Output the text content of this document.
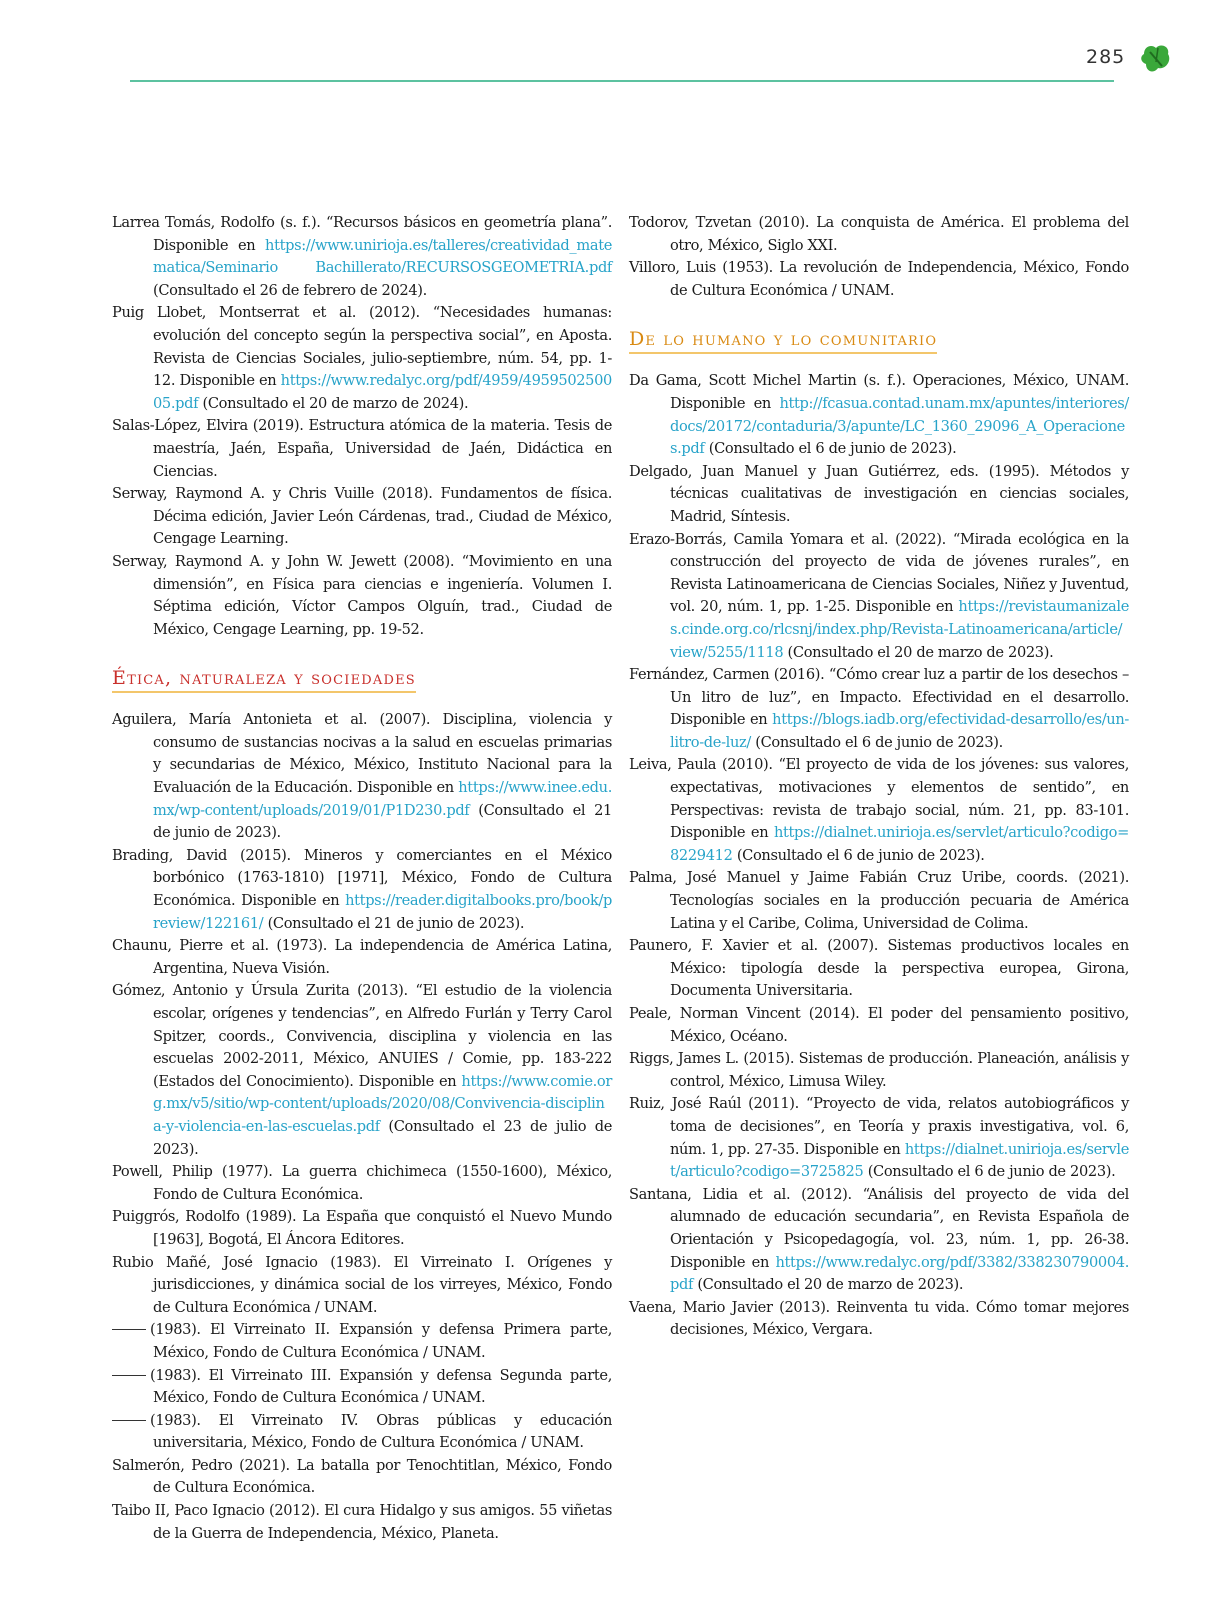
285

Larrea Tomás, Rodolfo (s. f.). “Recursos básicos en geometría plana”. Disponible en https://www.unirioja.es/talleres/creatividad_matematica/Seminario Bachillerato/RECURSOSGEOMETRIA.pdf (Consultado el 26 de febrero de 2024).

Puig Llobet, Montserrat et al. (2012). “Necesidades humanas: evolución del concepto según la perspectiva social”, en Aposta. Revista de Ciencias Sociales, julio-septiembre, núm. 54, pp. 1-12. Disponible en https://www.redalyc.org/pdf/4959/495950250005.pdf (Consultado el 20 de marzo de 2024).

Salas-López, Elvira (2019). Estructura atómica de la materia. Tesis de maestría, Jaén, España, Universidad de Jaén, Didáctica en Ciencias.

Serway, Raymond A. y Chris Vuille (2018). Fundamentos de física. Décima edición, Javier León Cárdenas, trad., Ciudad de México, Cengage Learning.

Serway, Raymond A. y John W. Jewett (2008). “Movimiento en una dimensión”, en Física para ciencias e ingeniería. Volumen I. Séptima edición, Víctor Campos Olguín, trad., Ciudad de México, Cengage Learning, pp. 19-52.

Ética, naturaleza y sociedades

Aguilera, María Antonieta et al. (2007). Disciplina, violencia y consumo de sustancias nocivas a la salud en escuelas primarias y secundarias de México, México, Instituto Nacional para la Evaluación de la Educación. Disponible en https://www.inee.edu.mx/wp-content/uploads/2019/01/P1D230.pdf (Consultado el 21 de junio de 2023).

Brading, David (2015). Mineros y comerciantes en el México borbónico (1763-1810) [1971], México, Fondo de Cultura Económica. Disponible en https://reader.digitalbooks.pro/book/preview/122161/ (Consultado el 21 de junio de 2023).

Chaunu, Pierre et al. (1973). La independencia de América Latina, Argentina, Nueva Visión.

Gómez, Antonio y Úrsula Zurita (2013). “El estudio de la violencia escolar, orígenes y tendencias”, en Alfredo Furlán y Terry Carol Spitzer, coords., Convivencia, disciplina y violencia en las escuelas 2002-2011, México, ANUIES / Comie, pp. 183-222 (Estados del Conocimiento). Disponible en https://www.comie.org.mx/v5/sitio/wp-content/uploads/2020/08/Convivencia-disciplina-y-violencia-en-las-escuelas.pdf (Consultado el 23 de julio de 2023).

Powell, Philip (1977). La guerra chichimeca (1550-1600), México, Fondo de Cultura Económica.

Puiggrós, Rodolfo (1989). La España que conquistó el Nuevo Mundo [1963], Bogotá, El Áncora Editores.

Rubio Mañé, José Ignacio (1983). El Virreinato I. Orígenes y jurisdicciones, y dinámica social de los virreyes, México, Fondo de Cultura Económica / UNAM.

(1983). El Virreinato II. Expansión y defensa Primera parte, México, Fondo de Cultura Económica / UNAM.

(1983). El Virreinato III. Expansión y defensa Segunda parte, México, Fondo de Cultura Económica / UNAM.

(1983). El Virreinato IV. Obras públicas y educación universitaria, México, Fondo de Cultura Económica / UNAM.

Salmerón, Pedro (2021). La batalla por Tenochtitlan, México, Fondo de Cultura Económica.

Taibo II, Paco Ignacio (2012). El cura Hidalgo y sus amigos. 55 viñetas de la Guerra de Independencia, México, Planeta.

Todorov, Tzvetan (2010). La conquista de América. El problema del otro, México, Siglo XXI.

Villoro, Luis (1953). La revolución de Independencia, México, Fondo de Cultura Económica / UNAM.

De lo humano y lo comunitario

Da Gama, Scott Michel Martin (s. f.). Operaciones, México, UNAM. Disponible en http://fcasua.contad.unam.mx/apuntes/interiores/docs/20172/contaduria/3/apunte/LC_1360_29096_A_Operaciones.pdf (Consultado el 6 de junio de 2023).

Delgado, Juan Manuel y Juan Gutiérrez, eds. (1995). Métodos y técnicas cualitativas de investigación en ciencias sociales, Madrid, Síntesis.

Erazo-Borrás, Camila Yomara et al. (2022). “Mirada ecológica en la construcción del proyecto de vida de jóvenes rurales”, en Revista Latinoamericana de Ciencias Sociales, Niñez y Juventud, vol. 20, núm. 1, pp. 1-25. Disponible en https://revistaumanizales.cinde.org.co/rlcsnj/index.php/Revista-Latinoamericana/article/view/5255/1118 (Consultado el 20 de marzo de 2023).

Fernández, Carmen (2016). “Cómo crear luz a partir de los desechos – Un litro de luz”, en Impacto. Efectividad en el desarrollo. Disponible en https://blogs.iadb.org/efectividad-desarrollo/es/un-litro-de-luz/ (Consultado el 6 de junio de 2023).

Leiva, Paula (2010). “El proyecto de vida de los jóvenes: sus valores, expectativas, motivaciones y elementos de sentido”, en Perspectivas: revista de trabajo social, núm. 21, pp. 83-101. Disponible en https://dialnet.unirioja.es/servlet/articulo?codigo=8229412 (Consultado el 6 de junio de 2023).

Palma, José Manuel y Jaime Fabián Cruz Uribe, coords. (2021). Tecnologías sociales en la producción pecuaria de América Latina y el Caribe, Colima, Universidad de Colima.

Paunero, F. Xavier et al. (2007). Sistemas productivos locales en México: tipología desde la perspectiva europea, Girona, Documenta Universitaria.

Peale, Norman Vincent (2014). El poder del pensamiento positivo, México, Océano.

Riggs, James L. (2015). Sistemas de producción. Planeación, análisis y control, México, Limusa Wiley.

Ruiz, José Raúl (2011). “Proyecto de vida, relatos autobiográficos y toma de decisiones”, en Teoría y praxis investigativa, vol. 6, núm. 1, pp. 27-35. Disponible en https://dialnet.unirioja.es/servlet/articulo?codigo=3725825 (Consultado el 6 de junio de 2023).

Santana, Lidia et al. (2012). “Análisis del proyecto de vida del alumnado de educación secundaria”, en Revista Española de Orientación y Psicopedagogía, vol. 23, núm. 1, pp. 26-38. Disponible en https://www.redalyc.org/pdf/3382/338230790004.pdf (Consultado el 20 de marzo de 2023).

Vaena, Mario Javier (2013). Reinventa tu vida. Cómo tomar mejores decisiones, México, Vergara.
